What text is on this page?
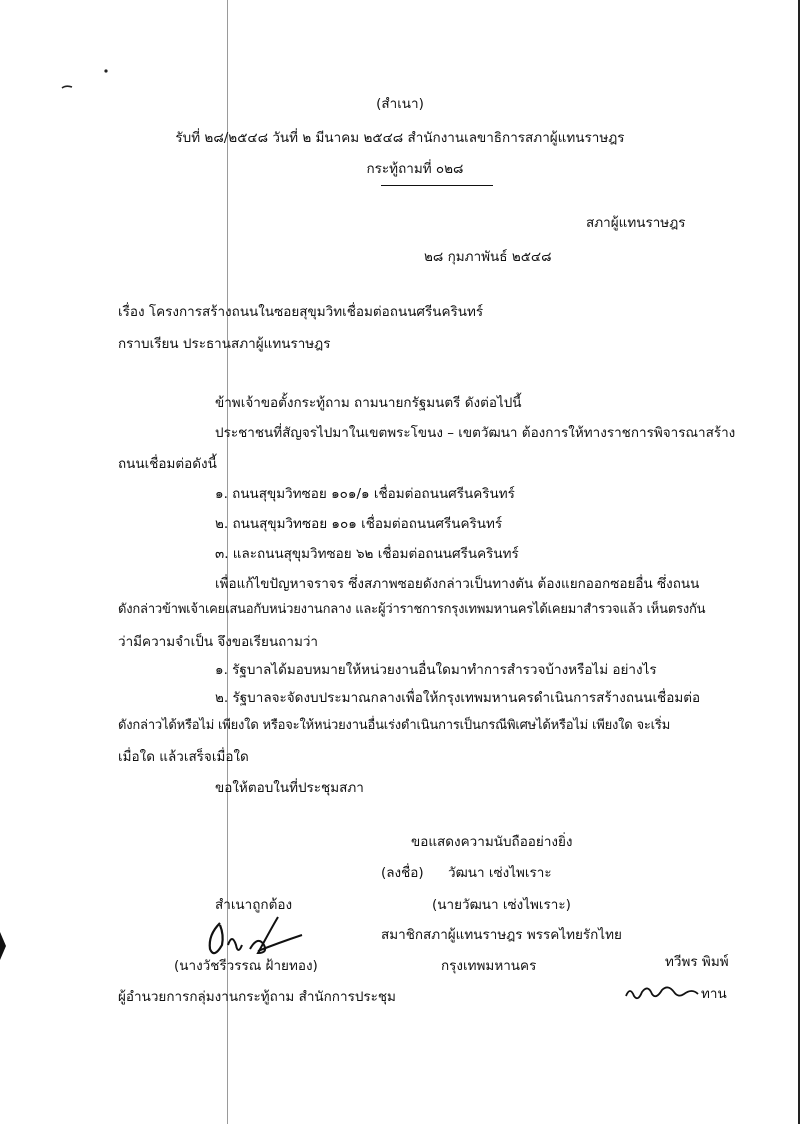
(สำเนา)
รับที่ ๒๘/๒๕๔๘ วันที่ ๒ มีนาคม ๒๕๔๘ สำนักงานเลขาธิการสภาผู้แทนราษฎร
กระทู้ถามที่ ๐๒๘
สภาผู้แทนราษฎร
๒๘ กุมภาพันธ์ ๒๕๔๘
เรื่อง โครงการสร้างถนนในซอยสุขุมวิทเชื่อมต่อถนนศรีนครินทร์
กราบเรียน ประธานสภาผู้แทนราษฎร
ข้าพเจ้าขอตั้งกระทู้ถาม ถามนายกรัฐมนตรี ดังต่อไปนี้
ประชาชนที่สัญจรไปมาในเขตพระโขนง – เขตวัฒนา ต้องการให้ทางราชการพิจารณาสร้าง
ถนนเชื่อมต่อดังนี้
๑. ถนนสุขุมวิทซอย ๑๐๑/๑ เชื่อมต่อถนนศรีนครินทร์
๒. ถนนสุขุมวิทซอย ๑๐๑ เชื่อมต่อถนนศรีนครินทร์
๓. และถนนสุขุมวิทซอย ๖๒ เชื่อมต่อถนนศรีนครินทร์
เพื่อแก้ไขปัญหาจราจร ซึ่งสภาพซอยดังกล่าวเป็นทางตัน ต้องแยกออกซอยอื่น ซึ่งถนน
ดังกล่าวข้าพเจ้าเคยเสนอกับหน่วยงานกลาง และผู้ว่าราชการกรุงเทพมหานครได้เคยมาสำรวจแล้ว เห็นตรงกัน
ว่ามีความจำเป็น จึงขอเรียนถามว่า
๑. รัฐบาลได้มอบหมายให้หน่วยงานอื่นใดมาทำการสำรวจบ้างหรือไม่ อย่างไร
๒. รัฐบาลจะจัดงบประมาณกลางเพื่อให้กรุงเทพมหานครดำเนินการสร้างถนนเชื่อมต่อ
ดังกล่าวได้หรือไม่ เพียงใด หรือจะให้หน่วยงานอื่นเร่งดำเนินการเป็นกรณีพิเศษได้หรือไม่ เพียงใด จะเริ่ม
เมื่อใด แล้วเสร็จเมื่อใด
ขอให้ตอบในที่ประชุมสภา
ขอแสดงความนับถืออย่างยิ่ง
(ลงชื่อ) วัฒนา เซ่งไพเราะ
(นายวัฒนา เซ่งไพเราะ)
สมาชิกสภาผู้แทนราษฎร พรรคไทยรักไทย
กรุงเทพมหานคร
สำเนาถูกต้อง
(นางวัชรีวรรณ ฝ้ายทอง)
ผู้อำนวยการกลุ่มงานกระทู้ถาม สำนักการประชุม
ทวีพร พิมพ์
ทาน
